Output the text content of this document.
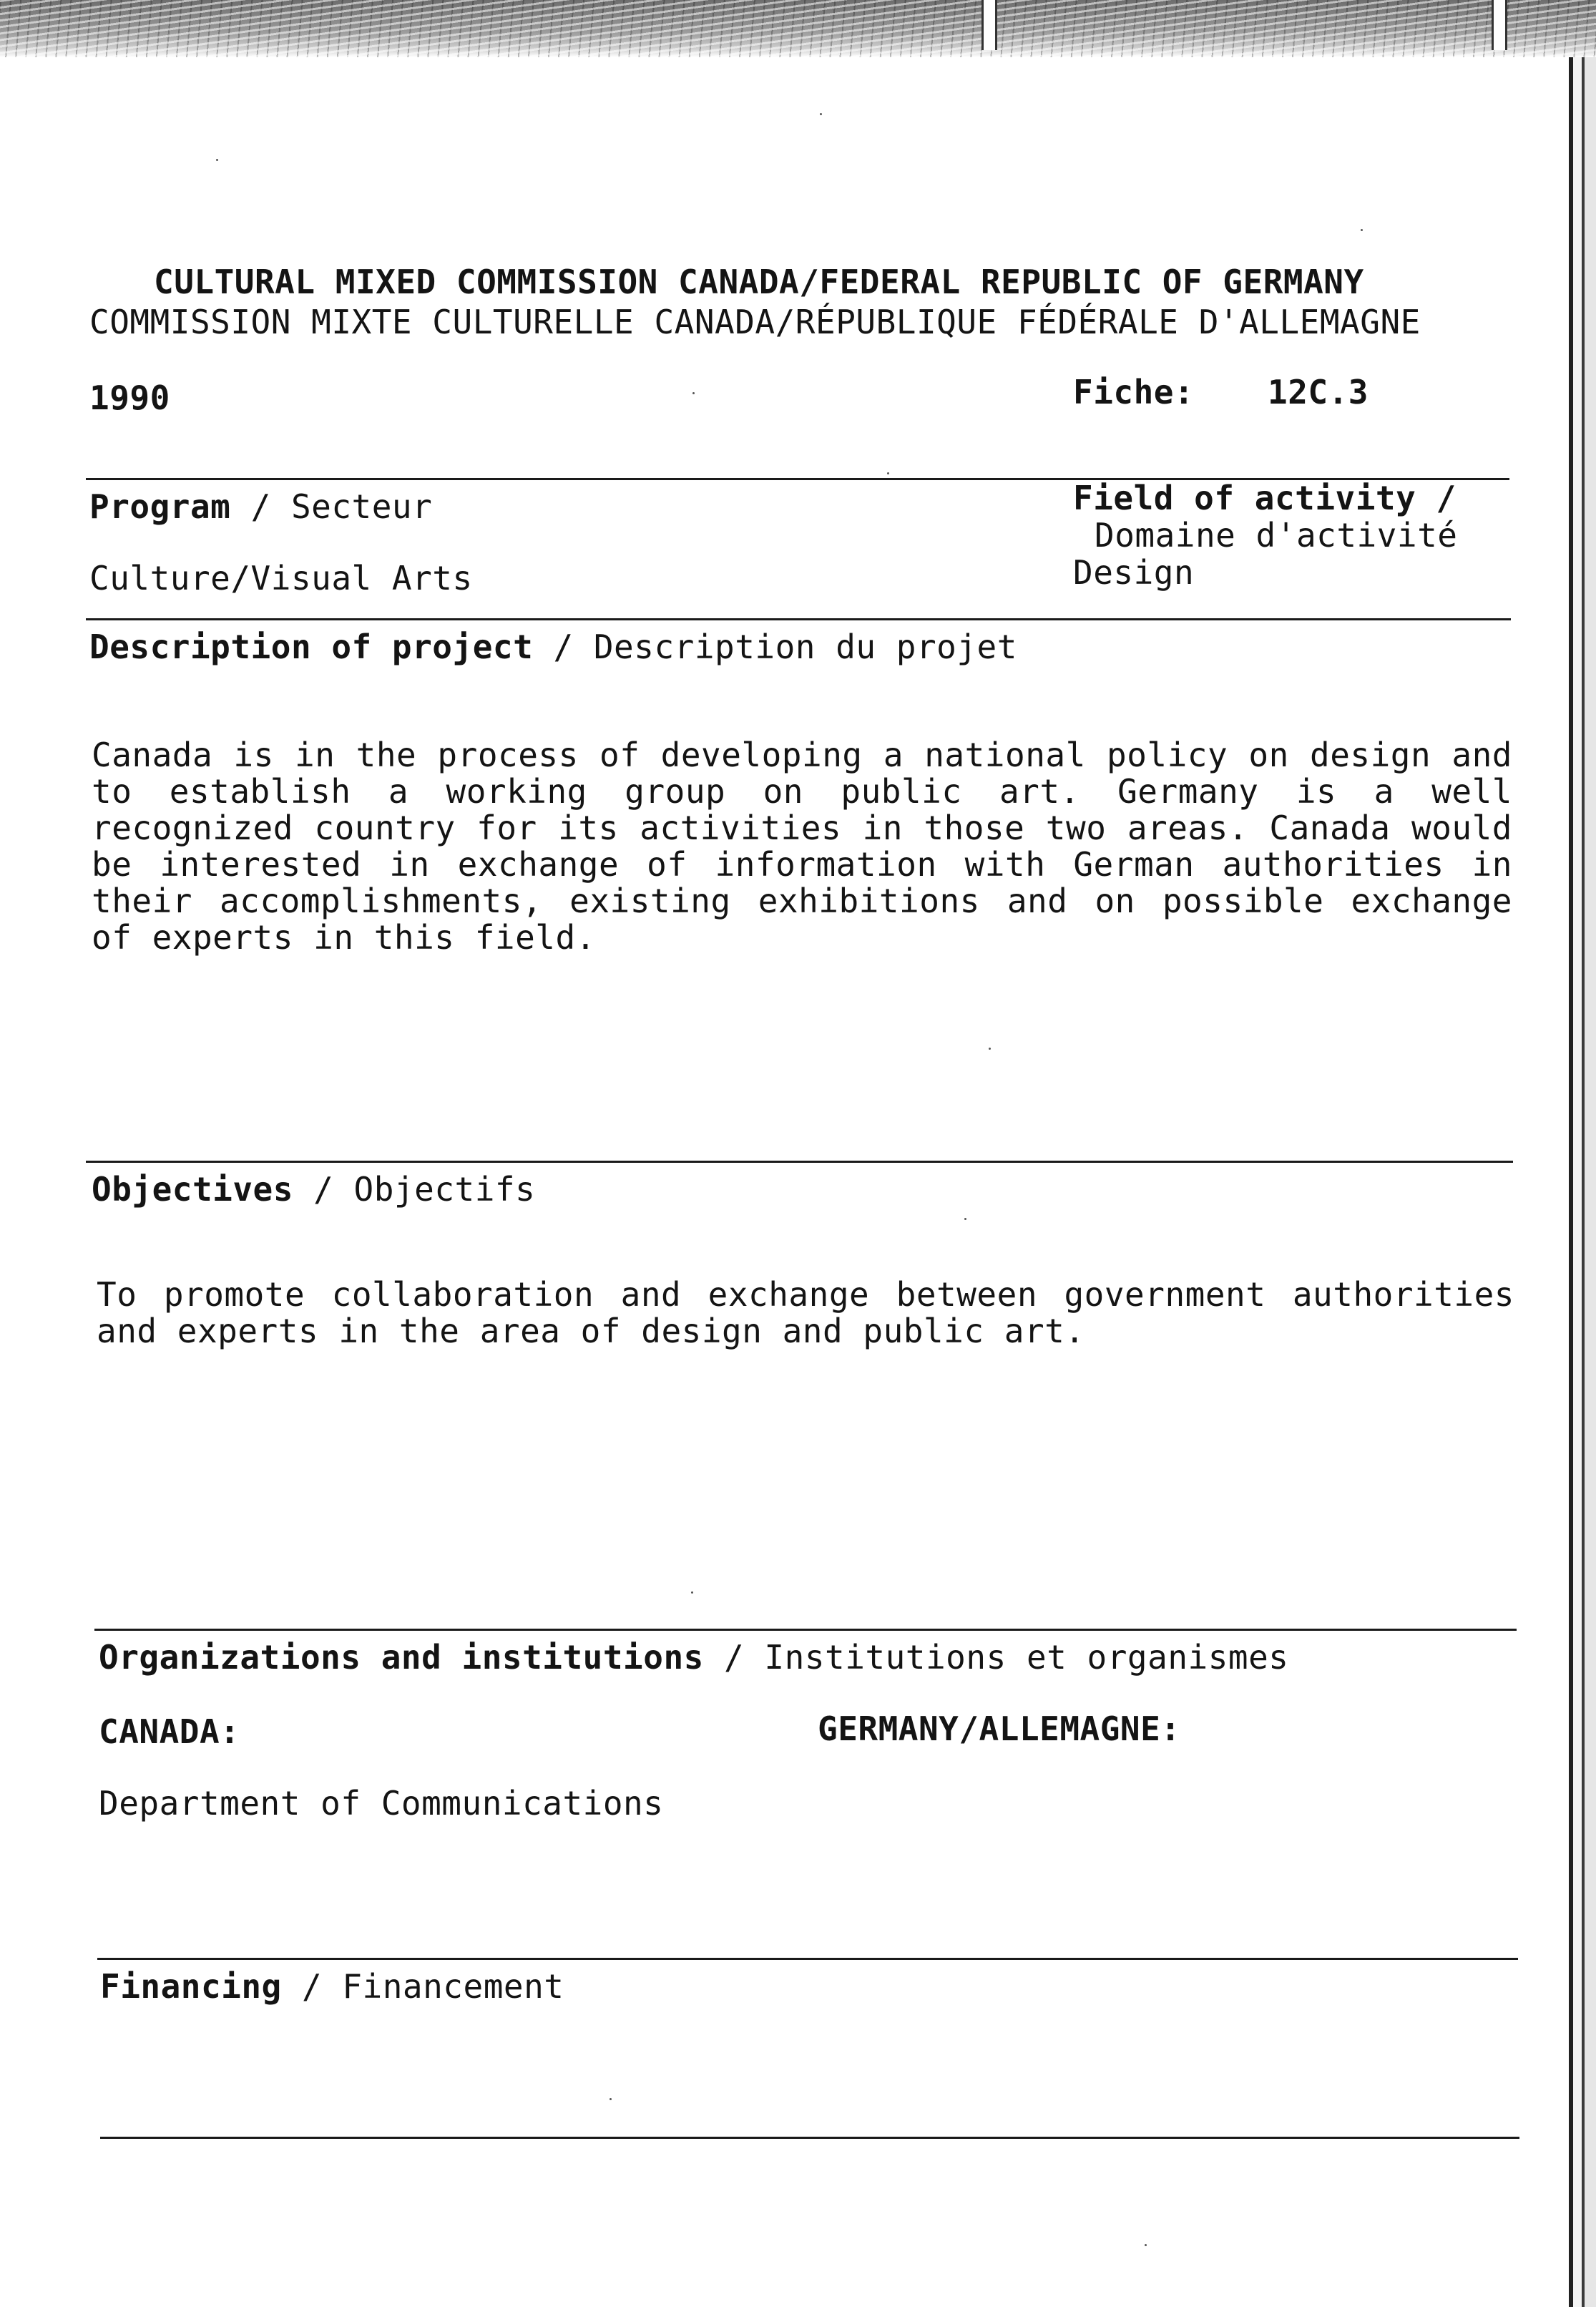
CULTURAL MIXED COMMISSION CANADA/FEDERAL REPUBLIC OF GERMANY
COMMISSION MIXTE CULTURELLE CANADA/RÉPUBLIQUE FÉDÉRALE D'ALLEMAGNE
1990	Fiche: 12C.3
Program / Secteur
Culture/Visual Arts
Field of activity /
Domaine d'activité
Design
Description of project / Description du projet
Canada is in the process of developing a national policy on design and to establish a working group on public art. Germany is a well recognized country for its activities in those two areas. Canada would be interested in exchange of information with German authorities in their accomplishments, existing exhibitions and on possible exchange of experts in this field.
Objectives / Objectifs
To promote collaboration and exchange between government authorities and experts in the area of design and public art.
Organizations and institutions / Institutions et organismes
CANADA:	GERMANY/ALLEMAGNE:
Department of Communications
Financing / Financement
